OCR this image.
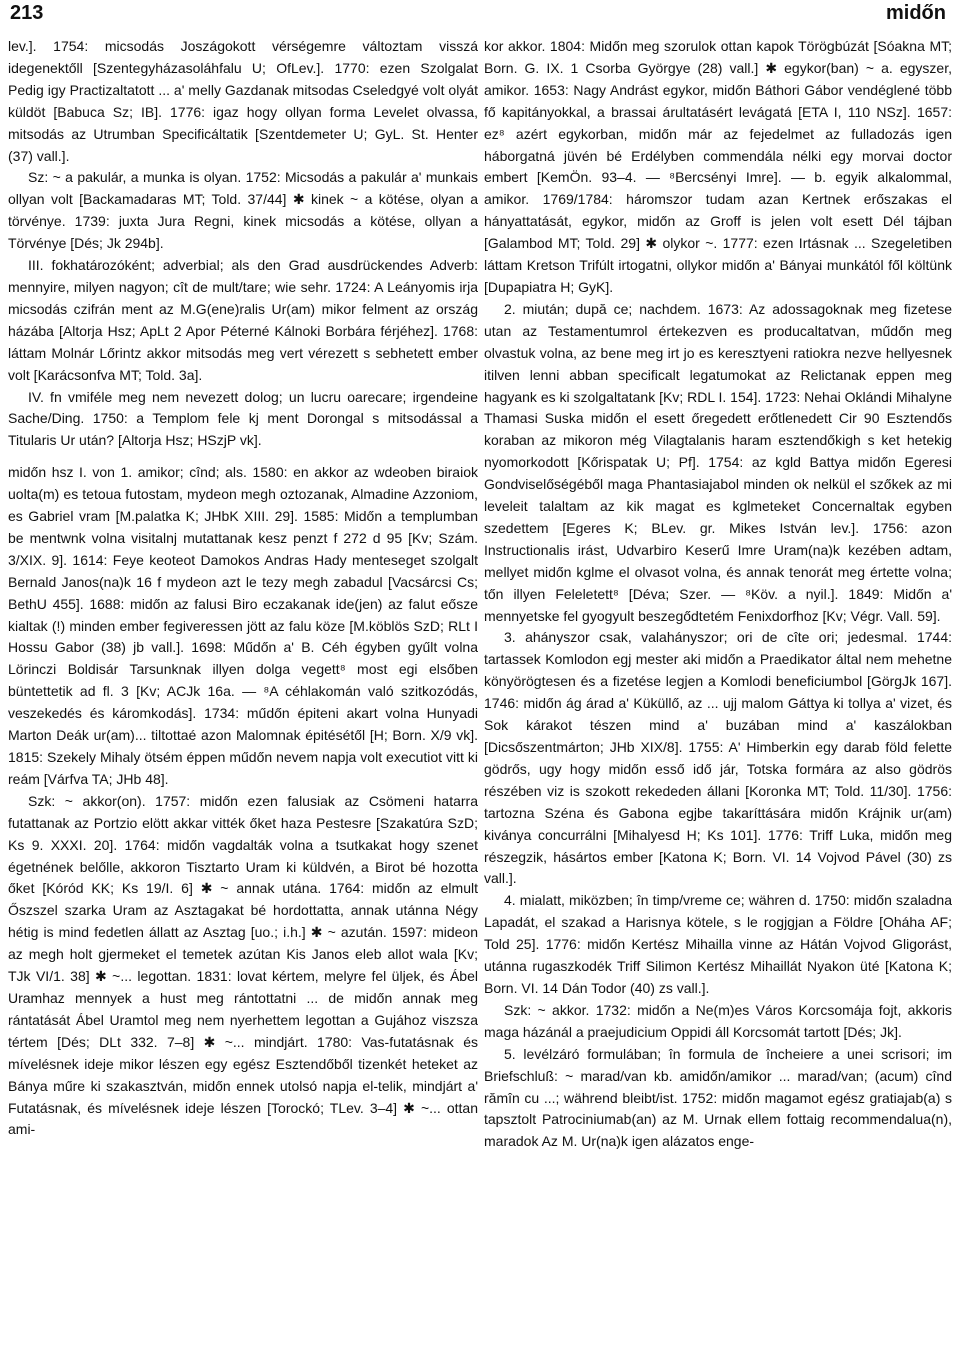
213	midőn

lev.]. 1754: micsodás Joszágokott vérségemre változtam visszá idegenektőll [Szentegyházasoláhfalu U; OfLev.]. 1770: ezen Szolgalat Pedig igy Practizaltatott ... a' melly Gazdanak mitsodas Cseledgyé volt olyát küldöt [Babuca Sz; IB]. 1776: igaz hogy ollyan forma Levelet olvassa, mitsodás az Utrumban Specificáltatik [Szentdemeter U; GyL. St. Henter (37) vall.].

Sz: ~ a pakulár, a munka is olyan. 1752: Micsodás a pakulár a' munkais ollyan volt [Backamadaras MT; Told. 37/44] ✱ kinek ~ a kötése, olyan a törvénye. 1739: juxta Jura Regni, kinek micsodás a kötése, ollyan a Törvénye [Dés; Jk 294b].

III. fokhatározóként; adverbial; als den Grad ausdrückendes Adverb: mennyire, milyen nagyon; cît de mult/tare; wie sehr. 1724: A Leányomis irja micsodás czifrán ment az M.G(ene)ralis Ur(am) mikor felment az ország házába [Altorja Hsz; ApLt 2 Apor Péterné Kálnoki Borbára férjéhez]. 1768: láttam Molnár Lőrintz akkor mitsodás meg vert vérezett s sebhetett ember volt [Karácsonfva MT; Told. 3a].

IV. fn vmiféle meg nem nevezett dolog; un lucru oarecare; irgendeine Sache/Ding. 1750: a Templom fele kj ment Dorongal s mitsodással a Titularis Ur után? [Altorja Hsz; HSzjP vk].

midőn hsz I. von 1. amikor; cînd; als. 1580: en akkor az wdeoben biraiok uolta(m) es tetoua futostam, mydeon megh oztozanak, Almadine Azzoniom, es Gabriel vram [M.palatka K; JHbK XIII. 29]. 1585: Midőn a templumban be mentwnk volna visitalnj mutattanak kesz penzt f 272 d 95 [Kv; Szám. 3/XIX. 9]. 1614: Feye keoteot Damokos Andras Hady menteseget szolgalt Bernald Janos(na)k 16 f mydeon azt le tezy megh zabadul [Vacsárcsi Cs; BethU 455]. 1688: midőn az falusi Biro eczakanak ide(jen) az falut eősze kialtak (!) minden ember fegiveressen jött az falu köze [M.köblös SzD; RLt I Hossu Gabor (38) jb vall.]. 1698: Műdőn a' B. Céh égyben gyűlt volna Lörinczi Boldisár Tarsunknak illyen dolga vegett⁸ most egi elsőben büntettetik ad fl. 3 [Kv; ACJk 16a. — ⁸A céhlakomán való szitkozódás, veszekedés és káromkodás]. 1734: műdőn épiteni akart volna Hunyadi Marton Deák ur(am)... tiltottaé azon Malomnak épitésétől [H; Born. X/9 vk]. 1815: Szekely Mihaly ötsém éppen műdőn nevem napja volt executiot vitt ki reám [Várfva TA; JHb 48].

Szk: ~ akkor(on). 1757: midőn ezen falusiak az Csömeni hatarra futattanak az Portzio elött akkar vitték őket haza Pestesre [Szakatúra SzD; Ks 9. XXXI. 20]. 1764: midőn vagdalták volna a tsutkakat hogy szenet égetnének belőlle, akkoron Tisztarto Uram ki küldvén, a Birot bé hozotta őket [Kóród KK; Ks 19/I. 6] ✱ ~ annak utána. 1764: midőn az elmult Őszszel szarka Uram az Asztagakat bé hordottatta, annak utánna Négy hétig is mind fedetlen állatt az Asztag [uo.; i.h.] ✱ ~ azután. 1597: mideon az megh holt gjermeket el temetek azútan Kis Janos eleb allot wala [Kv; TJk VI/1. 38] ✱ ~... legottan. 1831: lovat kértem, melyre fel üljek, és Ábel Uramhaz mennyek a hust meg rántottatni ... de midőn annak meg rántatását Ábel Uramtol meg nem nyerhettem legottan a Gujához viszsza tértem [Dés; DLt 332. 7–8] ✱ ~... mindjárt. 1780: Vas-futatásnak és mívelésnek ideje mikor lészen egy egész Esztendőből tizenkét heteket az Bánya műre ki szakasztván, midőn ennek utolsó napja el-telik, mindjárt a' Futatásnak, és mívelésnek ideje lészen [Torockó; TLev. 3–4] ✱ ~... ottan ami-

kor akkor. 1804: Midőn meg szorulok ottan kapok Törögbúzát [Sóakna MT; Born. G. IX. 1 Csorba Györgye (28) vall.] ✱ egykor(ban) ~ a. egyszer, amikor. 1653: Nagy Andrást egykor, midőn Báthori Gábor vendéglené több fő kapitányokkal, a brassai árultatásért levágatá [ETA I, 110 NSz]. 1657: ez⁸ azért egykorban, midőn már az fejedelmet az fulladozás igen háborgatná jüvén bé Erdélyben commendála nélki egy morvai doctor embert [KemÖn. 93–4. — ⁸Bercsényi Imre]. — b. egyik alkalommal, amikor. 1769/1784: háromszor tudam azan Kertnek erőszakas el hányattatását, egykor, midőn az Groff is jelen volt esett Dél tájban [Galambod MT; Told. 29] ✱ olykor ~. 1777: ezen Irtásnak ... Szegeletiben láttam Kretson Trifúlt irtogatni, ollykor midőn a' Bányai munkától fől költünk [Dupapiatra H; GyK].

2. miután; după ce; nachdem. 1673: Az adossagoknak meg fizetese utan az Testamentumrol értekezven es producaltatvan, műdőn meg olvastuk volna, az bene meg irt jo es keresztyeni ratiokra nezve hellyesnek itilven lenni abban specificalt legatumokat az Relictanak eppen meg hagyank es ki szolgaltatank [Kv; RDL I. 154]. 1723: Nehai Oklándi Mihalyne Thamasi Suska midőn el esett őregedett erőtlenedett Cir 90 Esztendős koraban az mikoron még Vilagtalanis haram esztendőkigh s ket hetekig nyomorkodott [Kőrispatak U; Pf]. 1754: az kgld Battya midőn Egeresi Gondviselőségéből maga Phantasiajabol minden ok nelkül el szőkek az mi leveleit talaltam az kik magat es kglmeteket Concernaltak egyben szedettem [Egeres K; BLev. gr. Mikes István lev.]. 1756: azon Instructionalis irást, Udvarbiro Keserű Imre Uram(na)k kezében adtam, mellyet midőn kglme el olvasot volna, és annak tenorát meg értette volna; tőn illyen Feleletett⁸ [Déva; Szer. — ⁸Köv. a nyil.]. 1849: Midőn a' mennyetske fel gyogyult beszegődtetém Fenixdorfhoz [Kv; Végr. Vall. 59].

3. ahányszor csak, valahányszor; ori de cîte ori; jedesmal. 1744: tartassek Komlodon egj mester aki midőn a Praedikator által nem mehetne könyörögtesen és a fizetése legjen a Komlodi beneficiumbol [GörgJk 167]. 1746: midőn ág árad a' Küküllő, az ... ujj malom Gáttya ki tollya a' vizet, és Sok kárakot tészen mind a' buzában mind a' kaszálokban [Dicsőszentmárton; JHb XIX/8]. 1755: A' Himberkin egy darab föld felette gödrős, ugy hogy midőn esső idő jár, Totska formára az also gödrös részében viz is szokott rekededen állani [Koronka MT; Told. 11/30]. 1756: tartozna Széna és Gabona egjbe takaríttására midőn Krájnik ur(am) kiványa concurrálni [Mihalyesd H; Ks 101]. 1776: Triff Luka, midőn meg részegzik, hásártos ember [Katona K; Born. VI. 14 Vojvod Pável (30) zs vall.].

4. mialatt, miközben; în timp/vreme ce; währen d. 1750: midőn szaladna Lapadát, el szakad a Harisnya kötele, s le rogjgjan a Földre [Oháha AF; Told 25]. 1776: midőn Kertész Mihailla vinne az Hátán Vojvod Gligorást, utánna rugaszkodék Triff Silimon Kertész Mihaillát Nyakon üté [Katona K; Born. VI. 14 Dán Todor (40) zs vall.].

Szk: ~ akkor. 1732: midőn a Ne(m)es Város Korcsomája fojt, akkoris maga házánál a praejudicium Oppidi áll Korcsomát tartott [Dés; Jk].

5. levélzáró formulában; în formula de încheiere a unei scrisori; im Briefschluß: ~ marad/van kb. amidőn/amikor ... marad/van; (acum) cînd rămîn cu ...; während bleibt/ist. 1752: midőn magamot egész gratiajab(a) s tapsztolt Patrociniumab(an) az M. Urnak ellem fottaig recommendalua(n), maradok Az M. Ur(na)k igen alázatos enge-
